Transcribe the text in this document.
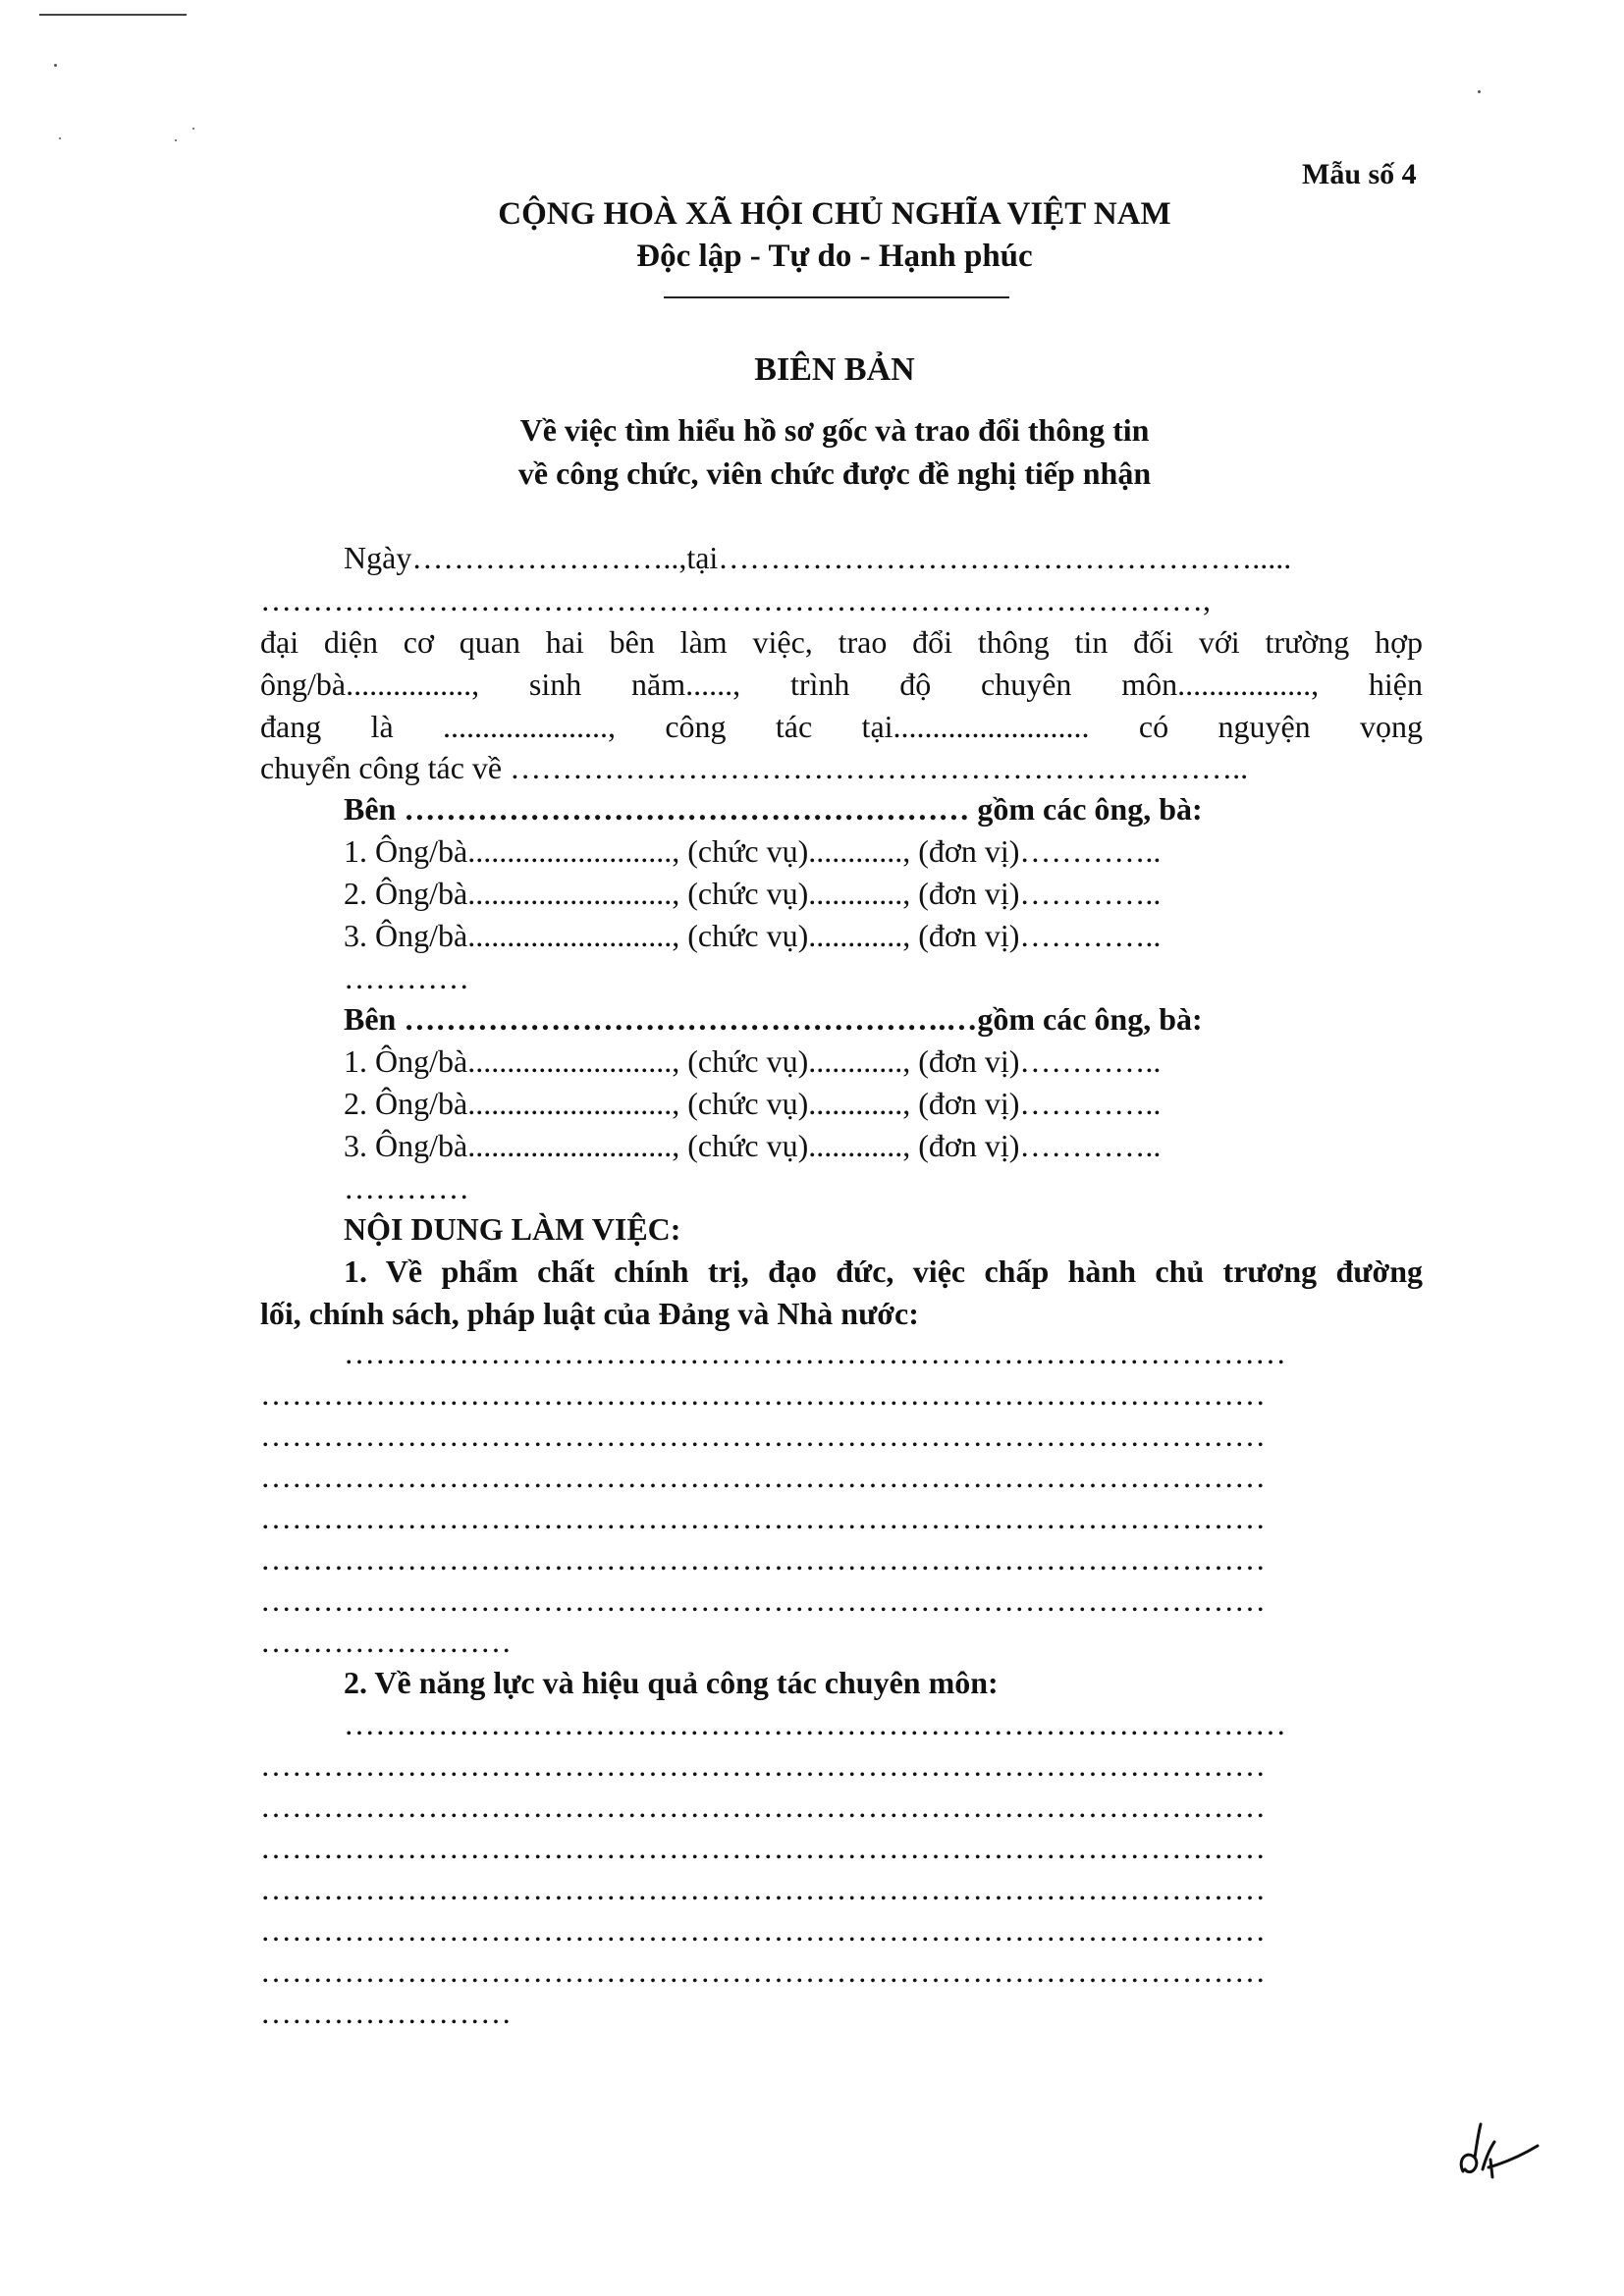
Mẫu số 4
CỘNG HOÀ XÃ HỘI CHỦ NGHĨA VIỆT NAM
Độc lập - Tự do - Hạnh phúc
BIÊN BẢN
Về việc tìm hiểu hồ sơ gốc và trao đổi thông tin
về công chức, viên chức được đề nghị tiếp nhận
Ngày……………………..,tại…………………………………………….....
………………………………………………………………………………,
đại diện cơ quan hai bên làm việc, trao đổi thông tin đối với trường hợp
ông/bà................, sinh năm......, trình độ chuyên môn................., hiện
đang là ....................., công tác tại......................... có nguyện vọng
chuyển công tác về ……………………………………………………………..
Bên ……………………………………………… gồm các ông, bà:
1. Ông/bà.........................., (chức vụ)............, (đơn vị)…………..
2. Ông/bà.........................., (chức vụ)............, (đơn vị)…………..
3. Ông/bà.........................., (chức vụ)............, (đơn vị)…………..
…………
Bên …………………………………………….…gồm các ông, bà:
1. Ông/bà.........................., (chức vụ)............, (đơn vị)…………..
2. Ông/bà.........................., (chức vụ)............, (đơn vị)…………..
3. Ông/bà.........................., (chức vụ)............, (đơn vị)…………..
…………
NỘI DUNG LÀM VIỆC:
1. Về phẩm chất chính trị, đạo đức, việc chấp hành chủ trương đường
lối, chính sách, pháp luật của Đảng và Nhà nước:
………………………………………………………………………………
……………………………………………………………………………………
……………………………………………………………………………………
……………………………………………………………………………………
……………………………………………………………………………………
……………………………………………………………………………………
……………………………………………………………………………………
……………………
2. Về năng lực và hiệu quả công tác chuyên môn:
………………………………………………………………………………
……………………………………………………………………………………
……………………………………………………………………………………
……………………………………………………………………………………
……………………………………………………………………………………
……………………………………………………………………………………
……………………………………………………………………………………
……………………
